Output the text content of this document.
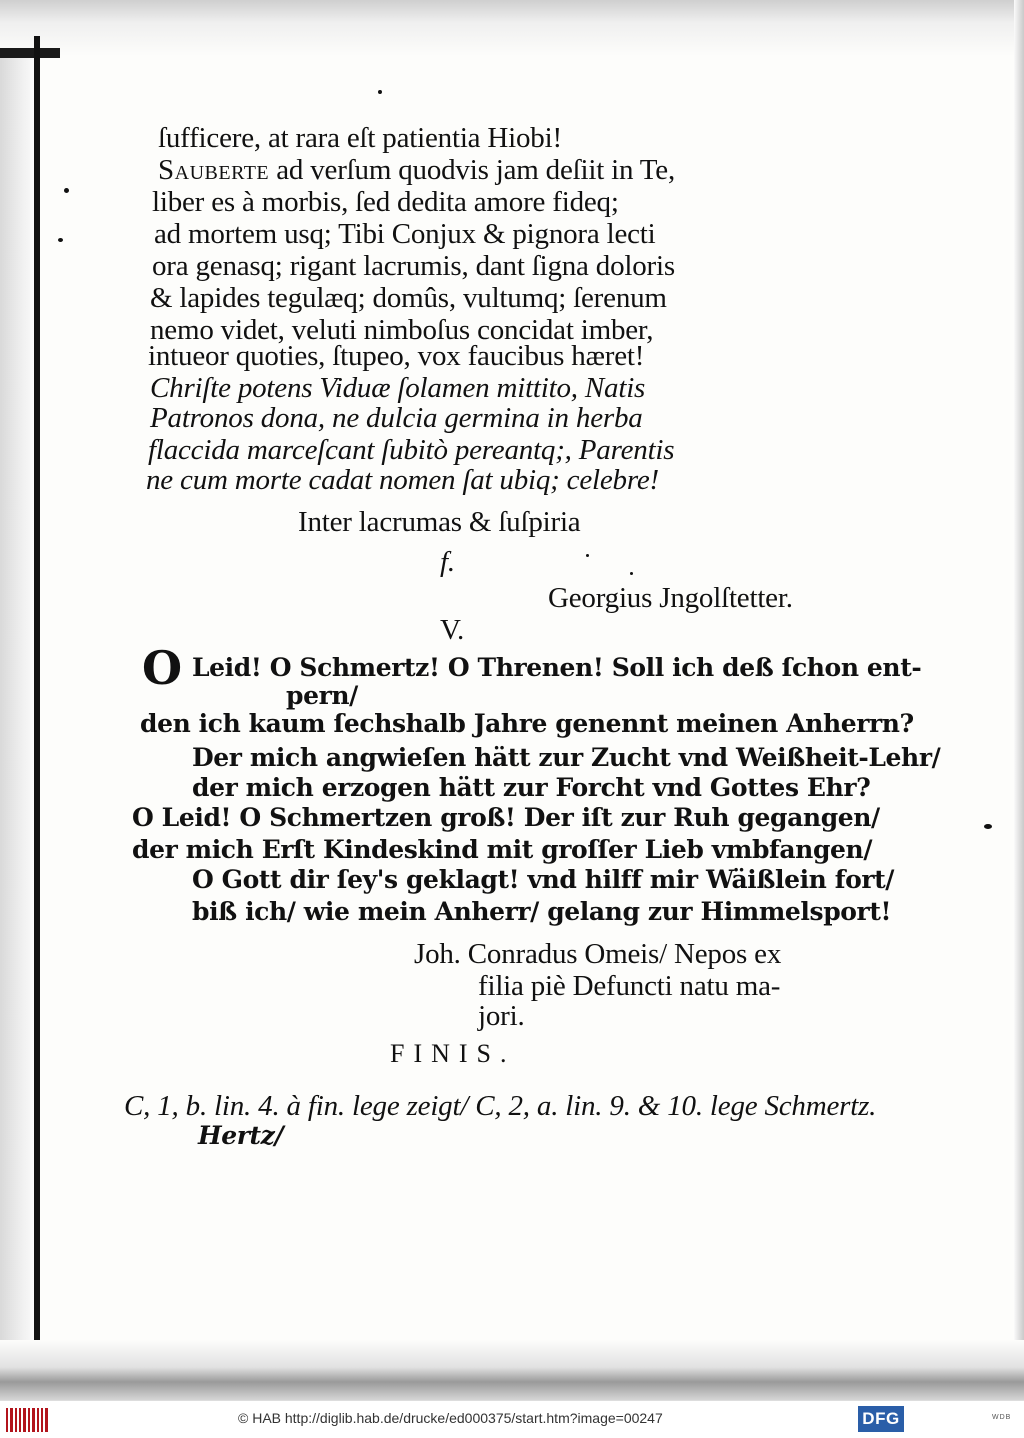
ſufficere, at rara eſt patientia Hiobi!
Sauberte ad verſum quodvis jam deſiit in Te,
liber es à morbis, ſed dedita amore fideq;
ad mortem usq; Tibi Conjux & pignora lecti
ora genasq; rigant lacrumis, dant ſigna doloris
& lapides tegulæq; domûs, vultumq; ſerenum
nemo videt, veluti nimboſus concidat imber,
intueor quoties, ſtupeo, vox faucibus hæret!
Chriſte potens Viduæ ſolamen mittito, Natis
Patronos dona, ne dulcia germina in herba
flaccida marceſcant ſubitò pereantq;, Parentis
ne cum morte cadat nomen ſat ubiq; celebre!
Inter lacrumas & ſuſpiria
f.
Georgius Jngolſtetter.
V.
O Leid! O Schmertz! O Threnen! Soll ich deß ſchon ent-
pern/
den ich kaum ſechshalb Jahre genennt meinen Anherrn?
Der mich angwieſen hätt zur Zucht vnd Weißheit-Lehr/
der mich erzogen hätt zur Forcht vnd Gottes Ehr?
O Leid! O Schmertzen groß! Der iſt zur Ruh gegangen/
der mich Erſt Kindeskind mit groſſer Lieb vmbfangen/
O Gott dir ſey's geklagt! vnd hilff mir Wäißlein fort/
biß ich/ wie mein Anherr/ gelang zur Himmelsport!
Joh. Conradus Omeis/ Nepos ex
filia piè Defuncti natu ma-
jori.
FINIS.
C, 1, b. lin. 4. à fin. lege zeigt/ C, 2, a. lin. 9. & 10. lege Schmertz.
Hertz/
© HAB http://diglib.hab.de/drucke/ed000375/start.htm?image=00247	DFG	WDB
